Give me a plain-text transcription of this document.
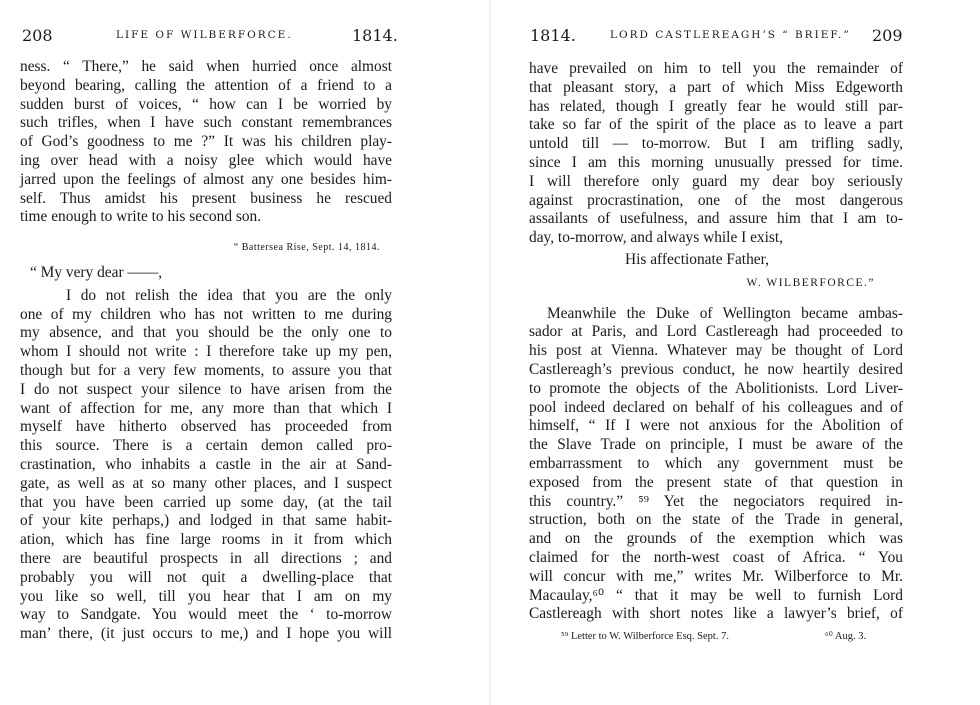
208	LIFE OF WILBERFORCE.	1814.
ness. “ There,” he said when hurried once almost
beyond bearing, calling the attention of a friend to a
sudden burst of voices, “ how can I be worried by
such trifles, when I have such constant remembrances
of God’s goodness to me ?” It was his children play-
ing over head with a noisy glee which would have
jarred upon the feelings of almost any one besides him-
self. Thus amidst his present business he rescued
time enough to write to his second son.
“ Battersea Rise, Sept. 14, 1814.
“ My very dear ——,
I do not relish the idea that you are the only
one of my children who has not written to me during
my absence, and that you should be the only one to
whom I should not write : I therefore take up my pen,
though but for a very few moments, to assure you that
I do not suspect your silence to have arisen from the
want of affection for me, any more than that which I
myself have hitherto observed has proceeded from
this source. There is a certain demon called pro-
crastination, who inhabits a castle in the air at Sand-
gate, as well as at so many other places, and I suspect
that you have been carried up some day, (at the tail
of your kite perhaps,) and lodged in that same habit-
ation, which has fine large rooms in it from which
there are beautiful prospects in all directions ; and
probably you will not quit a dwelling-place that
you like so well, till you hear that I am on my
way to Sandgate. You would meet the ‘ to-morrow
man’ there, (it just occurs to me,) and I hope you will
1814.	LORD CASTLEREAGH’S “ BRIEF.” 209
have prevailed on him to tell you the remainder of
that pleasant story, a part of which Miss Edgeworth
has related, though I greatly fear he would still par-
take so far of the spirit of the place as to leave a part
untold till — to-morrow. But I am trifling sadly,
since I am this morning unusually pressed for time.
I will therefore only guard my dear boy seriously
against procrastination, one of the most dangerous
assailants of usefulness, and assure him that I am to-
day, to-morrow, and always while I exist,
His affectionate Father,
W. WILBERFORCE.”
Meanwhile the Duke of Wellington became ambas-
sador at Paris, and Lord Castlereagh had proceeded to
his post at Vienna. Whatever may be thought of Lord
Castlereagh’s previous conduct, he now heartily desired
to promote the objects of the Abolitionists. Lord Liver-
pool indeed declared on behalf of his colleagues and of
himself, “ If I were not anxious for the Abolition of
the Slave Trade on principle, I must be aware of the
embarrassment to which any government must be
exposed from the present state of that question in
this country.” ⁵⁹ Yet the negociators required in-
struction, both on the state of the Trade in general,
and on the grounds of the exemption which was
claimed for the north-west coast of Africa. “ You
will concur with me,” writes Mr. Wilberforce to Mr.
Macaulay,⁶⁰ “ that it may be well to furnish Lord
Castlereagh with short notes like a lawyer’s brief, of
⁵⁹ Letter to W. Wilberforce Esq. Sept. 7.	⁶⁰ Aug. 3.
